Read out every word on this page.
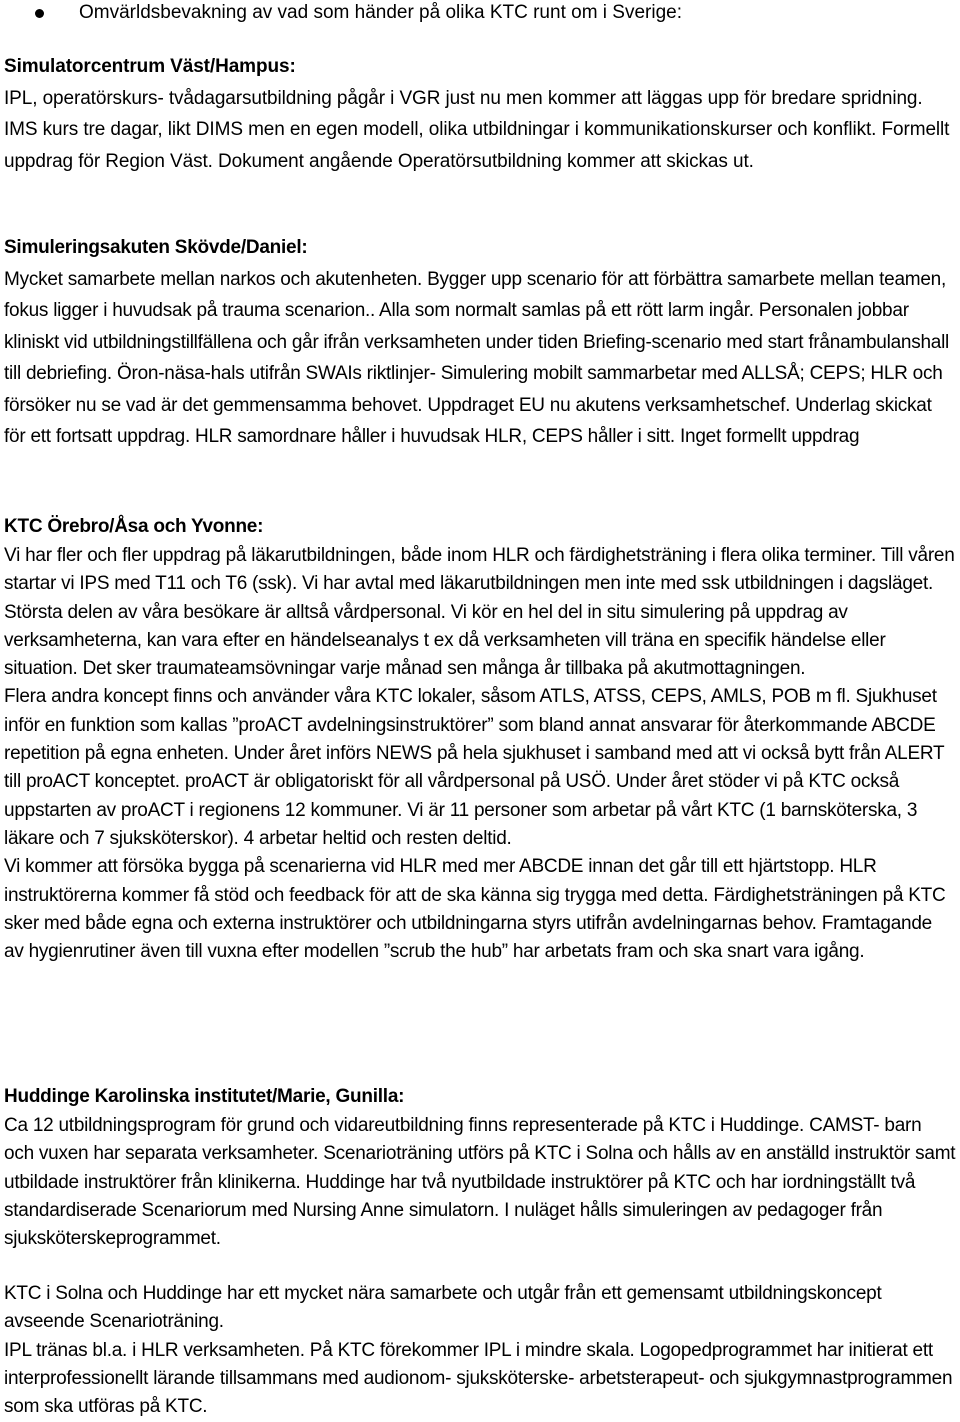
Omvärldsbevakning av vad som händer på olika KTC runt om i Sverige:
Simulatorcentrum Väst/Hampus:
IPL, operatörskurs- tvådagarsutbildning pågår i VGR just nu men kommer att läggas upp för bredare spridning. IMS kurs tre dagar, likt DIMS men en egen modell, olika utbildningar i kommunikationskurser och konflikt. Formellt uppdrag för Region Väst. Dokument angående Operatörsutbildning kommer att skickas ut.
Simuleringsakuten Skövde/Daniel:
Mycket samarbete mellan narkos och akutenheten. Bygger upp scenario för att förbättra samarbete mellan teamen, fokus ligger i huvudsak på trauma scenarion.. Alla som normalt samlas på ett rött larm ingår. Personalen jobbar kliniskt vid utbildningstillfällena och går ifrån verksamheten under tiden Briefing-scenario med start frånambulanshall till debriefing. Öron-näsa-hals utifrån SWAIs riktlinjer- Simulering mobilt sammarbetar med ALLSÅ; CEPS; HLR och försöker nu se vad är det gemmensamma behovet. Uppdraget EU nu akutens verksamhetschef. Underlag skickat för ett fortsatt uppdrag. HLR samordnare håller i huvudsak HLR, CEPS håller i sitt. Inget formellt uppdrag
KTC Örebro/Åsa och Yvonne:
Vi har fler och fler uppdrag på läkarutbildningen, både inom HLR och färdighetsträning i flera olika terminer. Till våren startar vi IPS med T11 och T6 (ssk). Vi har avtal med läkarutbildningen men inte med ssk utbildningen i dagsläget. Största delen av våra besökare är alltså vårdpersonal. Vi kör en hel del in situ simulering på uppdrag av verksamheterna, kan vara efter en händelseanalys t ex då verksamheten vill träna en specifik händelse eller situation. Det sker traumateamsövningar varje månad sen många år tillbaka på akutmottagningen.
Flera andra koncept finns och använder våra KTC lokaler, såsom ATLS, ATSS, CEPS, AMLS, POB m fl. Sjukhuset inför en funktion som kallas ”proACT avdelningsinstruktörer” som bland annat ansvarar för återkommande ABCDE repetition på egna enheten. Under året införs NEWS på hela sjukhuset i samband med att vi också bytt från ALERT till proACT konceptet. proACT är obligatoriskt för all vårdpersonal på USÖ. Under året stöder vi på KTC också uppstarten av proACT i regionens 12 kommuner. Vi är 11 personer som arbetar på vårt KTC (1 barnsköterska, 3 läkare och 7 sjuksköterskor). 4 arbetar heltid och resten deltid.
Vi kommer att försöka bygga på scenarierna vid HLR med mer ABCDE innan det går till ett hjärtstopp. HLR instruktörerna kommer få stöd och feedback för att de ska känna sig trygga med detta. Färdighetsträningen på KTC sker med både egna och externa instruktörer och utbildningarna styrs utifrån avdelningarnas behov. Framtagande av hygienrutiner även till vuxna efter modellen ”scrub the hub” har arbetats fram och ska snart vara igång.
Huddinge Karolinska institutet/Marie, Gunilla:
Ca 12 utbildningsprogram för grund och vidareutbildning finns representerade på KTC i Huddinge. CAMST- barn och vuxen har separata verksamheter. Scenarioträning utförs på KTC i Solna och hålls av en anställd instruktör samt utbildade instruktörer från klinikerna. Huddinge har två nyutbildade instruktörer på KTC och har iordningställt två standardiserade Scenariorum med Nursing Anne simulatorn. I nuläget hålls simuleringen av pedagoger från sjuksköterskeprogrammet.
KTC i Solna och Huddinge har ett mycket nära samarbete och utgår från ett gemensamt utbildningskoncept avseende Scenarioträning.
IPL tränas bl.a. i HLR verksamheten. På KTC förekommer IPL i mindre skala. Logopedprogrammet har initierat ett interprofessionellt lärande tillsammans med audionom- sjuksköterske- arbetsterapeut- och sjukgymnastprogrammen som ska utföras på KTC.
